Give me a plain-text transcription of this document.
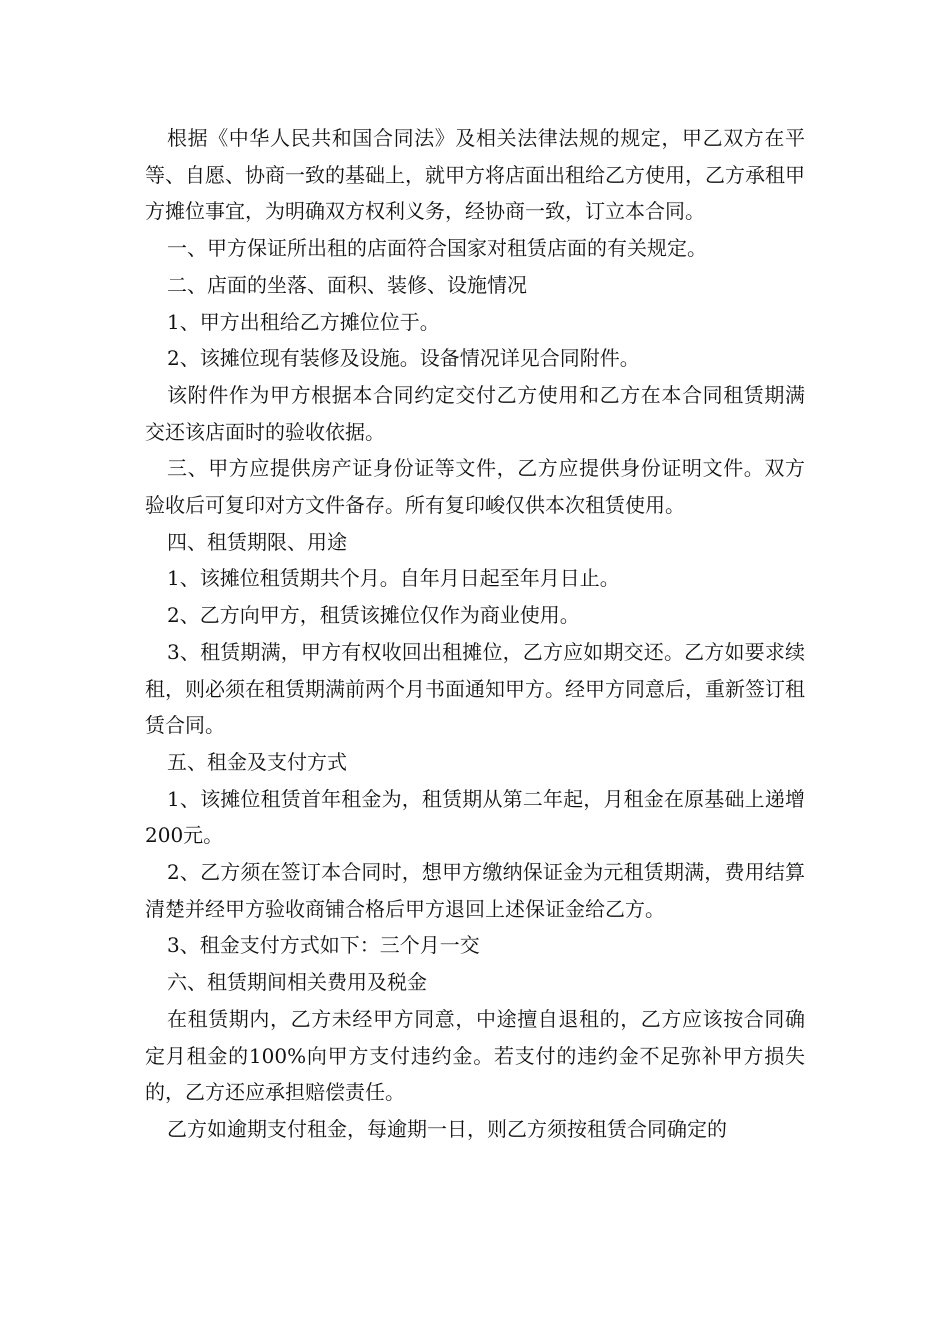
根据《中华人民共和国合同法》及相关法律法规的规定，甲乙双方在平等、自愿、协商一致的基础上，就甲方将店面出租给乙方使用，乙方承租甲方摊位事宜，为明确双方权利义务，经协商一致，订立本合同。

一、甲方保证所出租的店面符合国家对租赁店面的有关规定。

二、店面的坐落、面积、装修、设施情况

1、甲方出租给乙方摊位位于。

2、该摊位现有装修及设施。设备情况详见合同附件。

该附件作为甲方根据本合同约定交付乙方使用和乙方在本合同租赁期满交还该店面时的验收依据。

三、甲方应提供房产证身份证等文件，乙方应提供身份证明文件。双方验收后可复印对方文件备存。所有复印峻仅供本次租赁使用。

四、租赁期限、用途

1、该摊位租赁期共个月。自年月日起至年月日止。

2、乙方向甲方，租赁该摊位仅作为商业使用。

3、租赁期满，甲方有权收回出租摊位，乙方应如期交还。乙方如要求续租，则必须在租赁期满前两个月书面通知甲方。经甲方同意后，重新签订租赁合同。

五、租金及支付方式

1、该摊位租赁首年租金为，租赁期从第二年起，月租金在原基础上递增200元。

2、乙方须在签订本合同时，想甲方缴纳保证金为元租赁期满，费用结算清楚并经甲方验收商铺合格后甲方退回上述保证金给乙方。

3、租金支付方式如下：三个月一交

六、租赁期间相关费用及税金

在租赁期内，乙方未经甲方同意，中途擅自退租的，乙方应该按合同确定月租金的100%向甲方支付违约金。若支付的违约金不足弥补甲方损失的，乙方还应承担赔偿责任。

乙方如逾期支付租金，每逾期一日，则乙方须按租赁合同确定的
